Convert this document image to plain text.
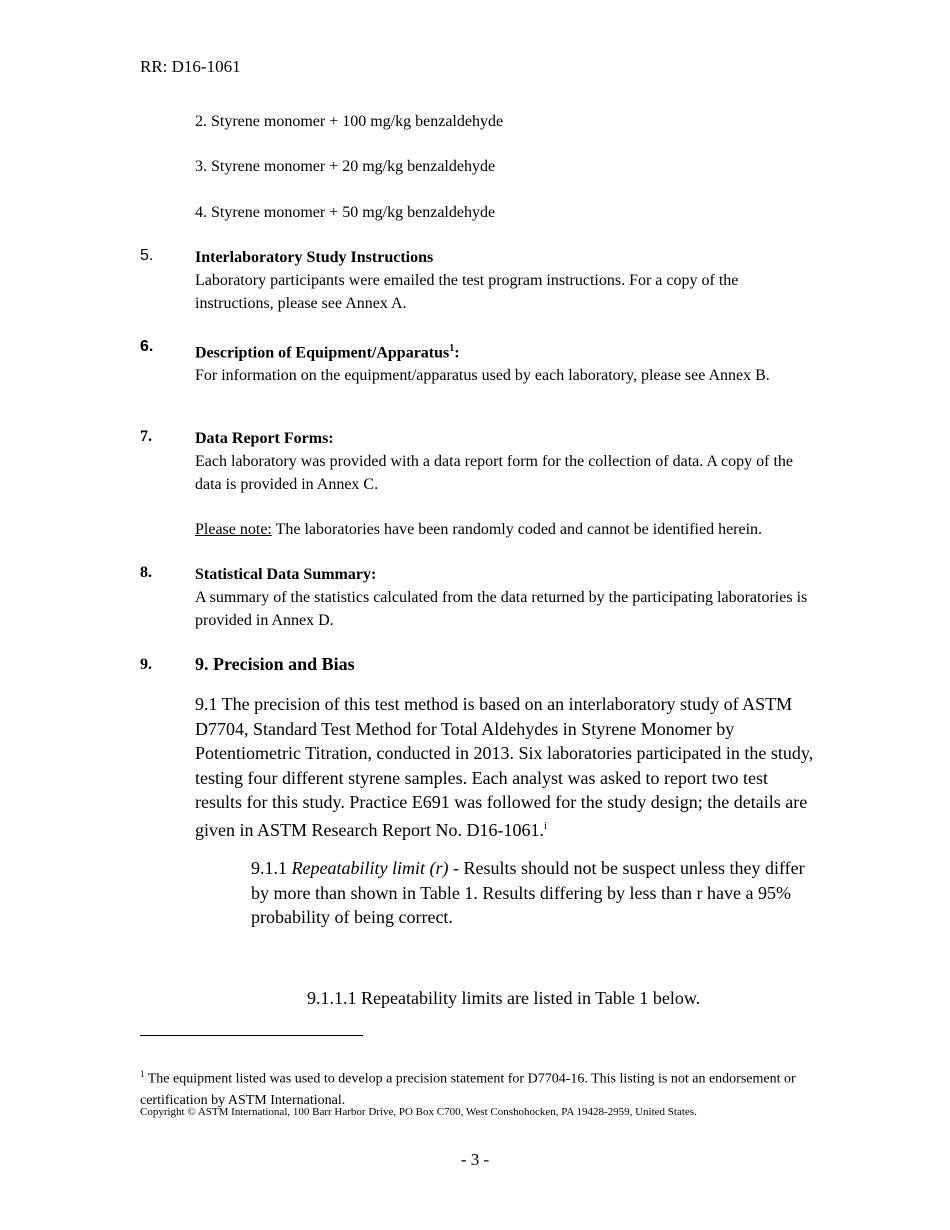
RR: D16-1061
2. Styrene monomer + 100 mg/kg benzaldehyde
3. Styrene monomer + 20 mg/kg benzaldehyde
4. Styrene monomer + 50 mg/kg benzaldehyde
5.	Interlaboratory Study Instructions
Laboratory participants were emailed the test program instructions. For a copy of the instructions, please see Annex A.
6.	Description of Equipment/Apparatus$^1$:
For information on the equipment/apparatus used by each laboratory, please see Annex B.
7.	Data Report Forms:
Each laboratory was provided with a data report form for the collection of data. A copy of the data is provided in Annex C.
Please note: The laboratories have been randomly coded and cannot be identified herein.
8.	Statistical Data Summary:
A summary of the statistics calculated from the data returned by the participating laboratories is provided in Annex D.
9. 9. Precision and Bias
9.1 The precision of this test method is based on an interlaboratory study of ASTM D7704, Standard Test Method for Total Aldehydes in Styrene Monomer by Potentiometric Titration, conducted in 2013. Six laboratories participated in the study, testing four different styrene samples. Each analyst was asked to report two test results for this study. Practice E691 was followed for the study design; the details are given in ASTM Research Report No. D16-1061.$^i$
9.1.1 Repeatability limit (r) - Results should not be suspect unless they differ by more than shown in Table 1. Results differing by less than r have a 95% probability of being correct.
9.1.1.1 Repeatability limits are listed in Table 1 below.
$^1$ The equipment listed was used to develop a precision statement for D7704-16. This listing is not an endorsement or certification by ASTM International.
Copyright © ASTM International, 100 Barr Harbor Drive, PO Box C700, West Conshohocken, PA 19428-2959, United States.
- 3 -
